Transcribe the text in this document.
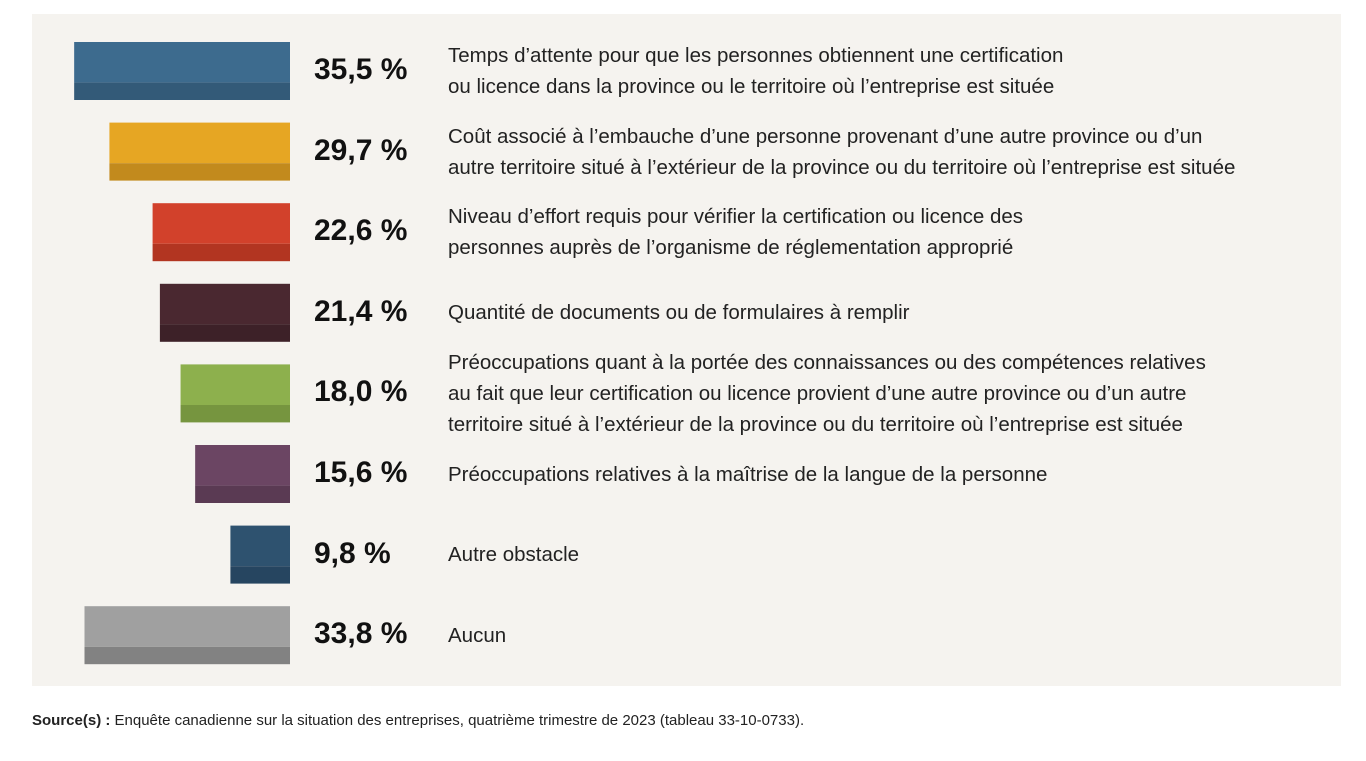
35,5 % Temps d’attente pour que les personnes obtiennent une certification
ou licence dans la province ou le territoire où l’entreprise est située
29,7 % Coût associé à l’embauche d’une personne provenant d’une autre province ou d’un
autre territoire situé à l’extérieur de la province ou du territoire où l’entreprise est située
22,6 % Niveau d’effort requis pour vérifier la certification ou licence des
personnes auprès de l’organisme de réglementation approprié
21,4 % Quantité de documents ou de formulaires à remplir
18,0 %
Préoccupations quant à la portée des connaissances ou des compétences relatives
au fait que leur certification ou licence provient d’une autre province ou d’un autre
territoire situé à l’extérieur de la province ou du territoire où l’entreprise est située
15,6 % Préoccupations relatives à la maîtrise de la langue de la personne
9,8 %	Autre obstacle
33,8 % Aucun
Source(s) : Enquête canadienne sur la situation des entreprises, quatrième trimestre de 2023 (tableau 33-10-0733).
